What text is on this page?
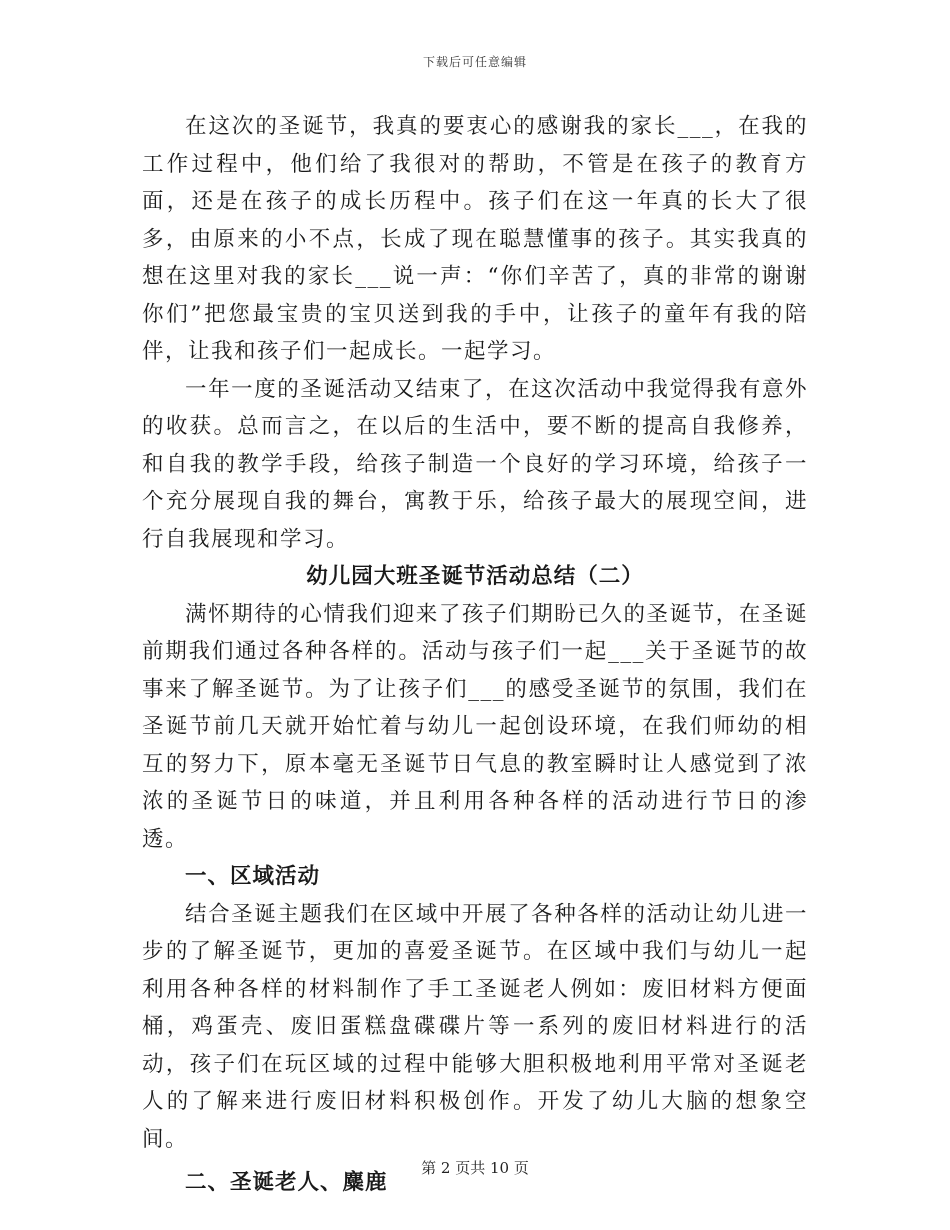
下载后可任意编辑

在这次的圣诞节，我真的要衷心的感谢我的家长___，在我的工作过程中，他们给了我很对的帮助，不管是在孩子的教育方面，还是在孩子的成长历程中。孩子们在这一年真的长大了很多，由原来的小不点，长成了现在聪慧懂事的孩子。其实我真的想在这里对我的家长___说一声：“你们辛苦了，真的非常的谢谢你们”把您最宝贵的宝贝送到我的手中，让孩子的童年有我的陪伴，让我和孩子们一起成长。一起学习。

一年一度的圣诞活动又结束了，在这次活动中我觉得我有意外的收获。总而言之，在以后的生活中，要不断的提高自我修养，和自我的教学手段，给孩子制造一个良好的学习环境，给孩子一个充分展现自我的舞台，寓教于乐，给孩子最大的展现空间，进行自我展现和学习。

幼儿园大班圣诞节活动总结（二）

满怀期待的心情我们迎来了孩子们期盼已久的圣诞节，在圣诞前期我们通过各种各样的。活动与孩子们一起___关于圣诞节的故事来了解圣诞节。为了让孩子们___的感受圣诞节的氛围，我们在圣诞节前几天就开始忙着与幼儿一起创设环境，在我们师幼的相互的努力下，原本毫无圣诞节日气息的教室瞬时让人感觉到了浓浓的圣诞节日的味道，并且利用各种各样的活动进行节日的渗透。

一、区域活动

结合圣诞主题我们在区域中开展了各种各样的活动让幼儿进一步的了解圣诞节，更加的喜爱圣诞节。在区域中我们与幼儿一起利用各种各样的材料制作了手工圣诞老人例如：废旧材料方便面桶，鸡蛋壳、废旧蛋糕盘碟碟片等一系列的废旧材料进行的活动，孩子们在玩区域的过程中能够大胆积极地利用平常对圣诞老人的了解来进行废旧材料积极创作。开发了幼儿大脑的想象空间。

二、圣诞老人、麋鹿

第 2 页共 10 页
